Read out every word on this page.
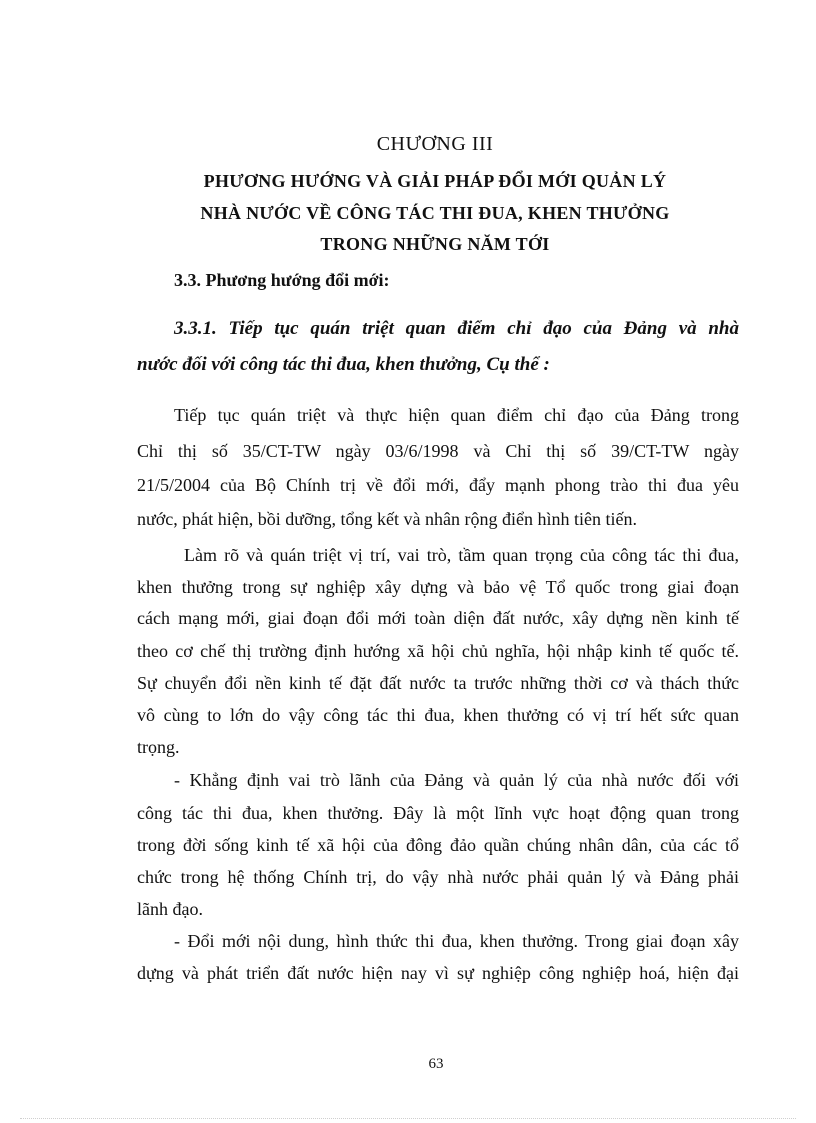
CHƯƠNG III
PHƯƠNG HƯỚNG VÀ GIẢI PHÁP ĐỔI MỚI QUẢN LÝ
NHÀ NƯỚC VỀ CÔNG TÁC THI ĐUA, KHEN THƯỞNG
TRONG NHỮNG NĂM TỚI
3.3. Phương hướng đổi mới:
3.3.1. Tiếp tục quán triệt quan điểm chỉ đạo của Đảng và nhà
nước đối với công tác thi đua, khen thưởng, Cụ thể :
Tiếp tục quán triệt và thực hiện quan điểm chỉ đạo của Đảng trong
Chỉ thị số 35/CT-TW ngày 03/6/1998 và Chỉ thị số 39/CT-TW ngày
21/5/2004 của Bộ Chính trị về đổi mới, đẩy mạnh phong trào thi đua yêu
nước, phát hiện, bồi dưỡng, tổng kết và nhân rộng điển hình tiên tiến.
Làm rõ và quán triệt vị trí, vai trò, tầm quan trọng của công tác thi đua,
khen thưởng trong sự nghiệp xây dựng và bảo vệ Tổ quốc trong giai đoạn
cách mạng mới, giai đoạn đổi mới toàn diện đất nước, xây dựng nền kinh tế
theo cơ chế thị trường định hướng xã hội chủ nghĩa, hội nhập kinh tế quốc tế.
Sự chuyển đổi nền kinh tế đặt đất nước ta trước những thời cơ và thách thức
vô cùng to lớn do vậy công tác thi đua, khen thưởng có vị trí hết sức quan
trọng.
- Khẳng định vai trò lãnh của Đảng và quản lý của nhà nước đối với
công tác thi đua, khen thưởng. Đây là một lĩnh vực hoạt động quan trong
trong đời sống kinh tế xã hội của đông đảo quần chúng nhân dân, của các tổ
chức trong hệ thống Chính trị, do vậy nhà nước phải quản lý và Đảng phải
lãnh đạo.
- Đổi mới nội dung, hình thức thi đua, khen thưởng. Trong giai đoạn xây
dựng và phát triển đất nước hiện nay vì sự nghiệp công nghiệp hoá, hiện đại
63
